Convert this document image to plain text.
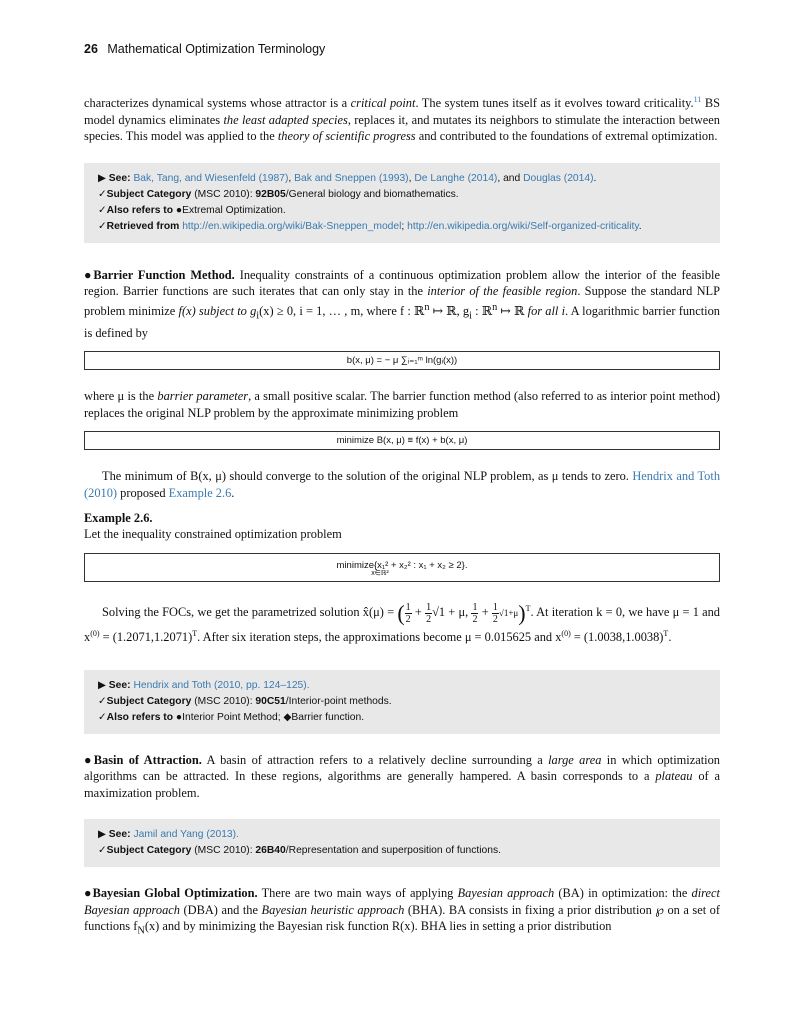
26 Mathematical Optimization Terminology

characterizes dynamical systems whose attractor is a critical point. The system tunes itself as it evolves toward criticality.$^{11}$ BS model dynamics eliminates the least adapted species, replaces it, and mutates its neighbors to stimulate the interaction between species. This model was applied to the theory of scientific progress and contributed to the foundations of extremal optimization.

▶ See: Bak, Tang, and Wiesenfeld (1987), Bak and Sneppen (1993), De Langhe (2014), and Douglas (2014).
✓Subject Category (MSC 2010): 92B05/General biology and biomathematics.
✓Also refers to ●Extremal Optimization.
✓Retrieved from http://en.wikipedia.org/wiki/Bak-Sneppen_model; http://en.wikipedia.org/wiki/Self-organized-criticality.

●Barrier Function Method. Inequality constraints of a continuous optimization problem allow the interior of the feasible region. Barrier functions are such iterates that can only stay in the interior of the feasible region. Suppose the standard NLP problem minimize f(x) subject to $g_i(x) \ge 0$, i = 1, … , m, where f : ℝ$^n$ ↦ ℝ, $g_i$ : ℝ$^n$ ↦ ℝ for all i. A logarithmic barrier function is defined by

b(x, μ) = − μ ∑ᵢ₌₁ᵐ ln(gᵢ(x))

where μ is the barrier parameter, a small positive scalar. The barrier function method (also referred to as interior point method) replaces the original NLP problem by the approximate minimizing problem

minimize B(x, μ) ≡ f(x) + b(x, μ)

The minimum of B(x, μ) should converge to the solution of the original NLP problem, as μ tends to zero. Hendrix and Toth (2010) proposed Example 2.6.

Example 2.6.

Let the inequality constrained optimization problem

minimize{x₁² + x₂² : x₁ + x₂ ≥ 2}.
x∈ℝ²
Solving the FOCs, we get the parametrized solution x̂(μ) = ( $\frac{1}{2} + \frac{1}{2} √1 + \mu$, $\frac{1}{2} + \frac{1}{2} √1+\mu)^T$. At iteration k = 0, we have μ = 1 and $x^{(0)} = (1.2071,1.2071)^T$. After six iteration steps, the approximations become μ = 0.015625 and $x^{(0)} = (1.0038,1.0038)^T$.
▶ See: Hendrix and Toth (2010, pp. 124–125).
✓Subject Category (MSC 2010): 90C51/Interior-point methods.
✓Also refers to ●Interior Point Method; ◆Barrier function.

●Basin of Attraction. A basin of attraction refers to a relatively decline surrounding a large area in which optimization algorithms can be attracted. In these regions, algorithms are generally hampered. A basin corresponds to a plateau of a maximization problem.

▶ See: Jamil and Yang (2013).
✓Subject Category (MSC 2010): 26B40/Representation and superposition of functions.

●Bayesian Global Optimization. There are two main ways of applying Bayesian approach (BA) in optimization: the direct Bayesian approach (DBA) and the Bayesian heuristic approach (BHA). BA consists in fixing a prior distribution ℘ on a set of functions $f_N(x)$ and by minimizing the Bayesian risk function R(x). BHA lies in setting a prior distribution
